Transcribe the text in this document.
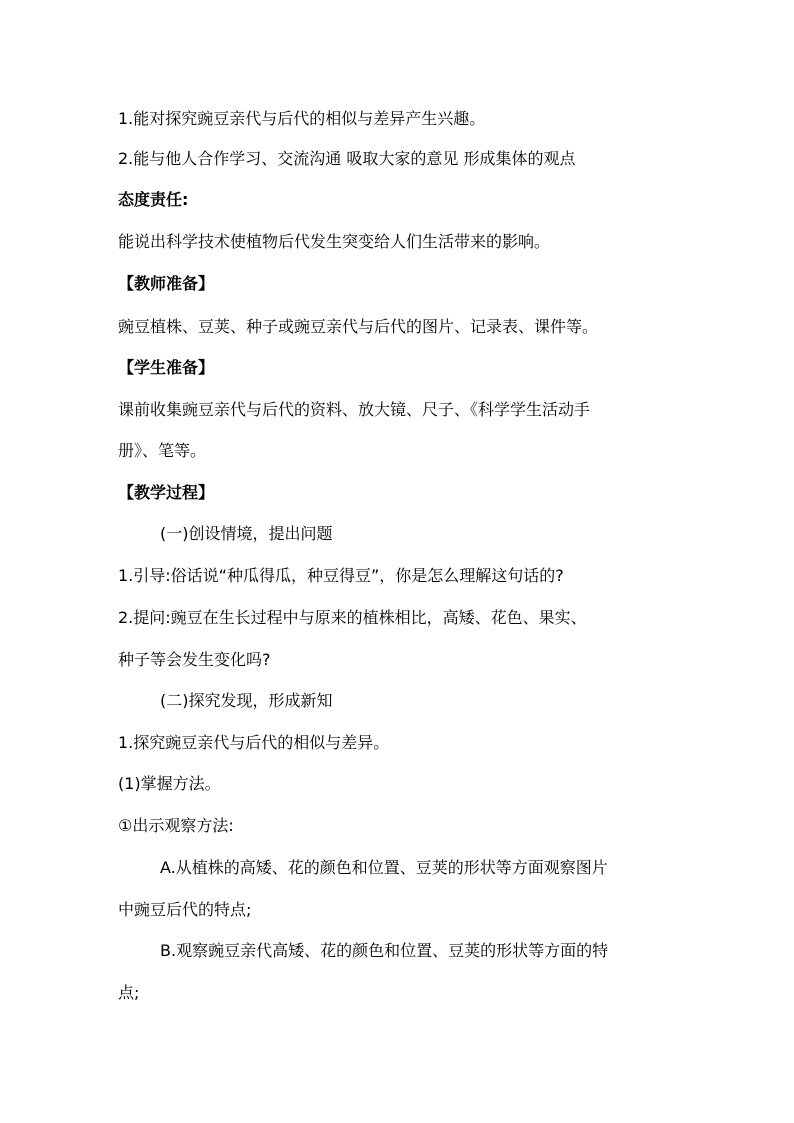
1.能对探究豌豆亲代与后代的相似与差异产生兴趣。
2.能与他人合作学习、交流沟通 吸取大家的意见 形成集体的观点
态度责任:
能说出科学技术使植物后代发生突变给人们生活带来的影响。
【教师准备】
豌豆植株、豆荚、种子或豌豆亲代与后代的图片、记录表、课件等。
【学生准备】
课前收集豌豆亲代与后代的资料、放大镜、尺子、《科学学生活动手
册》、笔等。
【教学过程】
(一)创设情境，提出问题
1.引导:俗话说“种瓜得瓜，种豆得豆”，你是怎么理解这句话的?
2.提问:豌豆在生长过程中与原来的植株相比，高矮、花色、果实、
种子等会发生变化吗?
(二)探究发现，形成新知
1.探究豌豆亲代与后代的相似与差异。
(1)掌握方法。
①出示观察方法:
A.从植株的高矮、花的颜色和位置、豆荚的形状等方面观察图片
中豌豆后代的特点;
B.观察豌豆亲代高矮、花的颜色和位置、豆荚的形状等方面的特
点;
